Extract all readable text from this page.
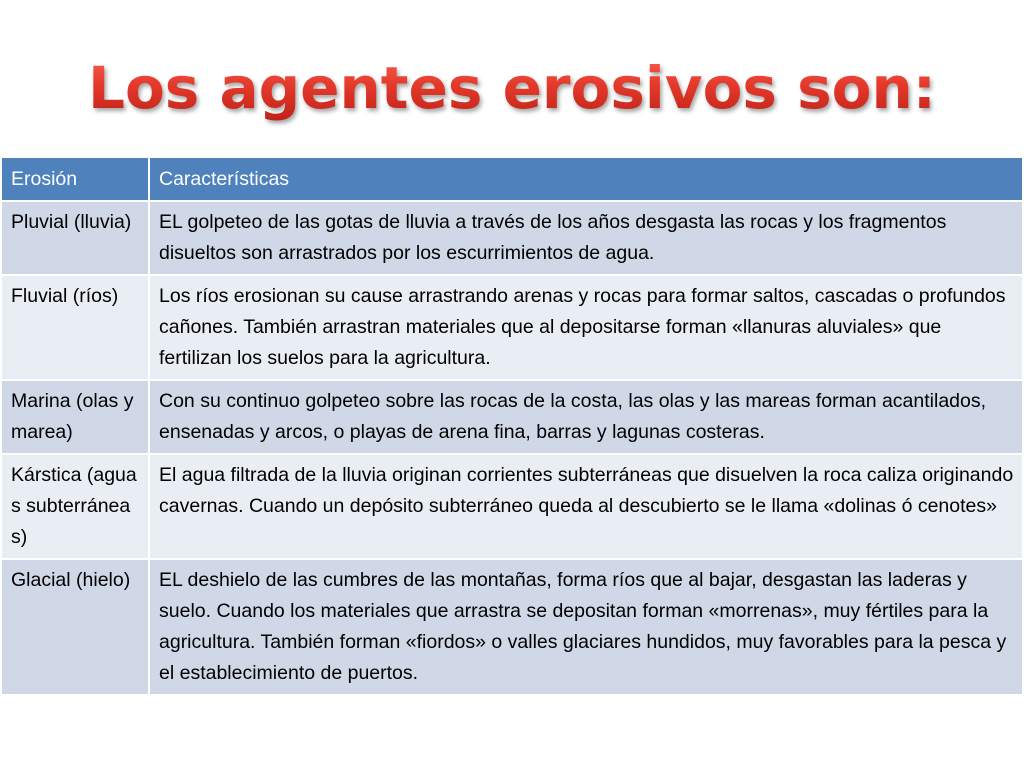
Los agentes erosivos son:
Erosión	Características
Pluvial (lluvia)	EL golpeteo de las gotas de lluvia a través de los años desgasta las rocas y los fragmentos disueltos son arrastrados por los escurrimientos de agua.
Fluvial (ríos)	Los ríos erosionan su cause arrastrando arenas y rocas para formar saltos, cascadas o profundos cañones. También arrastran materiales que al depositarse forman «llanuras aluviales» que fertilizan los suelos para la agricultura.
Marina (olas y marea)	Con su continuo golpeteo sobre las rocas de la costa, las olas y las mareas forman acantilados, ensenadas y arcos, o playas de arena fina, barras y lagunas costeras.
Kárstica (aguas subterráneas)	El agua filtrada de la lluvia originan corrientes subterráneas que disuelven la roca caliza originando cavernas. Cuando un depósito subterráneo queda al descubierto se le llama «dolinas ó cenotes»
Glacial (hielo)	EL deshielo de las cumbres de las montañas, forma ríos que al bajar, desgastan las laderas y suelo. Cuando los materiales que arrastra se depositan forman «morrenas», muy fértiles para la agricultura. También forman «fiordos» o valles glaciares hundidos, muy favorables para la pesca y el establecimiento de puertos.
